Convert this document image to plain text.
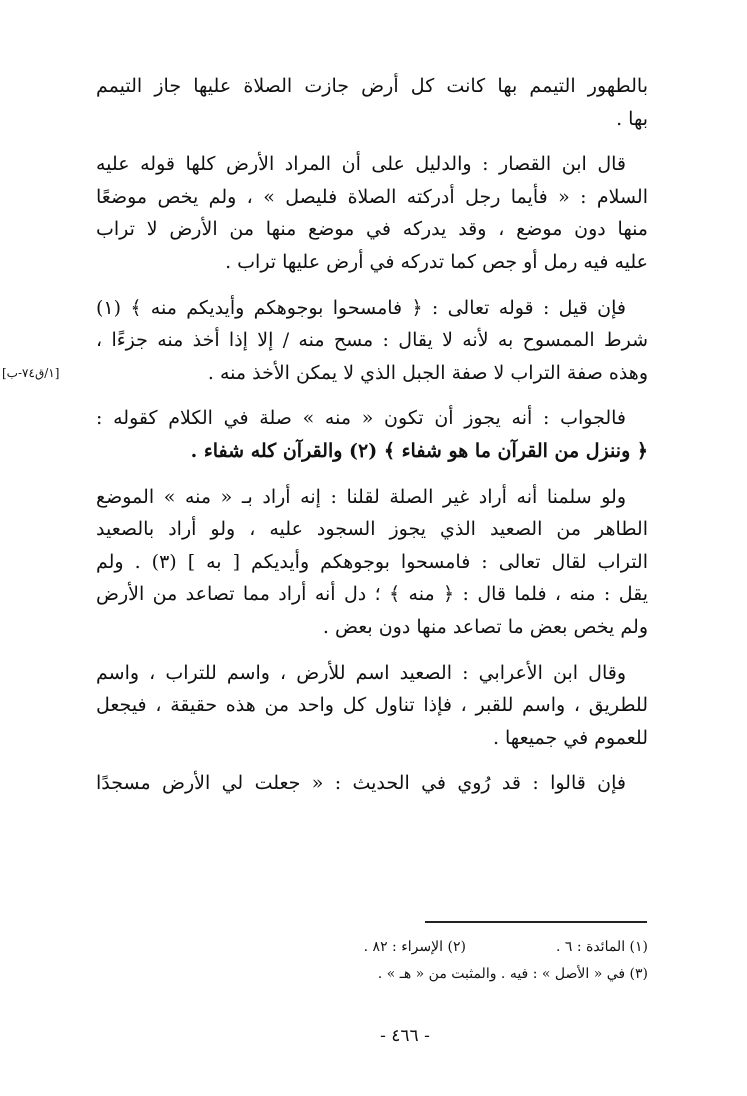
بالطهور التيمم بها كانت كل أرض جازت الصلاة عليها جاز التيمم
بها .

قال ابن القصار : والدليل على أن المراد الأرض كلها قوله عليه
السلام : « فأيما رجل أدركته الصلاة فليصل » ، ولم يخص موضعًا
منها دون موضع ، وقد يدركه في موضع منها من الأرض لا تراب
عليه فيه رمل أو جص كما تدركه في أرض عليها تراب .

فإن قيل : قوله تعالى : ﴿ فامسحوا بوجوهكم وأيديكم منه ﴾ (١)
شرط الممسوح به لأنه لا يقال : مسح منه / إلا إذا أخذ منه جزءًا ،
وهذه صفة التراب لا صفة الجبل الذي لا يمكن الأخذ منه .

فالجواب : أنه يجوز أن تكون « منه » صلة في الكلام كقوله :
﴿ وننزل من القرآن ما هو شفاء ﴾ (٢) والقرآن كله شفاء .

ولو سلمنا أنه أراد غير الصلة لقلنا : إنه أراد بـ « منه » الموضع
الطاهر من الصعيد الذي يجوز السجود عليه ، ولو أراد بالصعيد
التراب لقال تعالى : فامسحوا بوجوهكم وأيديكم [ به ] (٣) . ولم
يقل : منه ، فلما قال : ﴿ منه ﴾ ؛ دل أنه أراد مما تصاعد من الأرض
ولم يخص بعض ما تصاعد منها دون بعض .

وقال ابن الأعرابي : الصعيد اسم للأرض ، واسم للتراب ، واسم
للطريق ، واسم للقبر ، فإذا تناول كل واحد من هذه حقيقة ، فيجعل
للعموم في جميعها .

فإن قالوا : قد رُوي في الحديث : « جعلت لي الأرض مسجدًا

[١/ق٧٤-ب]
(١) المائدة : ٦ .
(٢) الإسراء : ٨٢ .
(٣) في « الأصل » : فيه . والمثبت من « هـ » .
- ٤٦٦ -
